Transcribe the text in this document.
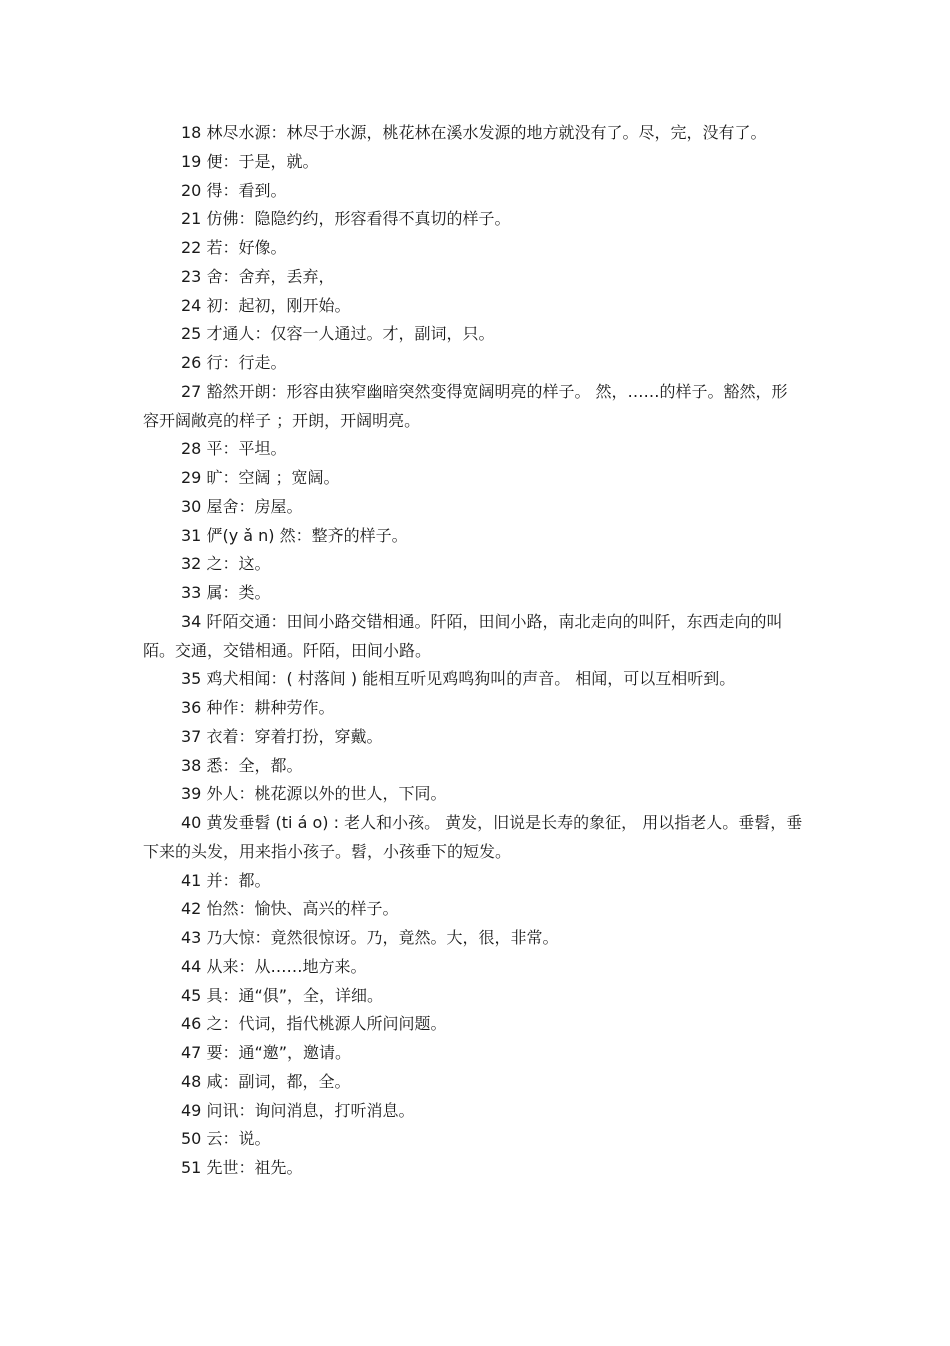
18 林尽水源：林尽于水源，桃花林在溪水发源的地方就没有了。尽，完，没有了。
19 便：于是，就。
20 得：看到。
21 仿佛：隐隐约约，形容看得不真切的样子。
22 若：好像。
23 舍：舍弃，丢弃，
24 初：起初，刚开始。
25 才通人：仅容一人通过。才，副词，只。
26 行：行走。
27 豁然开朗：形容由狭窄幽暗突然变得宽阔明亮的样子。 然，……的样子。豁然，形容开阔敞亮的样子 ；开朗，开阔明亮。
28 平：平坦。
29 旷：空阔 ；宽阔。
30 屋舍：房屋。
31 俨(y ǎ n) 然：整齐的样子。
32 之：这。
33 属：类。
34 阡陌交通：田间小路交错相通。阡陌，田间小路，南北走向的叫阡，东西走向的叫陌。交通，交错相通。阡陌，田间小路。
35 鸡犬相闻：( 村落间 ) 能相互听见鸡鸣狗叫的声音。 相闻，可以互相听到。
36 种作：耕种劳作。
37 衣着：穿着打扮，穿戴。
38 悉：全，都。
39 外人：桃花源以外的世人，下同。
40 黄发垂髫 (ti á o) : 老人和小孩。 黄发，旧说是长寿的象征， 用以指老人。垂髫，垂下来的头发，用来指小孩子。髫，小孩垂下的短发。
41 并：都。
42 怡然：愉快、高兴的样子。
43 乃大惊：竟然很惊讶。乃，竟然。大，很，非常。
44 从来：从……地方来。
45 具：通“俱”，全，详细。
46 之：代词，指代桃源人所问问题。
47 要：通“邀”，邀请。
48 咸：副词，都，全。
49 问讯：询问消息，打听消息。
50 云：说。
51 先世：祖先。
